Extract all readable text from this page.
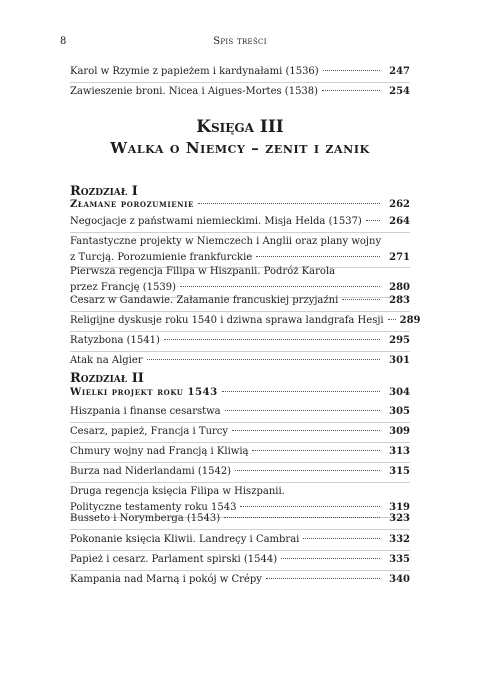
8	Spis treści
Karol w Rzymie z papieżem i kardynałami (1536)	247
Zawieszenie broni. Nicea i Aigues-Mortes (1538)	254
Księga III
Walka o Niemcy – zenit i zanik
Rozdział I
Złamane porozumienie	262
Negocjacje z państwami niemieckimi. Misja Helda (1537)	264
Fantastyczne projekty w Niemczech i Anglii oraz plany wojny
z Turcją. Porozumienie frankfurckie	271
Pierwsza regencja Filipa w Hiszpanii. Podróż Karola
przez Francję (1539)	280
Cesarz w Gandawie. Załamanie francuskiej przyjaźni	283
Religijne dyskusje roku 1540 i dziwna sprawa landgrafa Hesji 289
Ratyzbona (1541)	295
Atak na Algier	301
Rozdział II
Wielki projekt roku 1543	304
Hiszpania i finanse cesarstwa	305
Cesarz, papież, Francja i Turcy	309
Chmury wojny nad Francją i Kliwią	313
Burza nad Niderlandami (1542)	315
Druga regencja księcia Filipa w Hiszpanii.
Polityczne testamenty roku 1543	319
Busseto i Norymberga (1543)	323
Pokonanie księcia Kliwii. Landreçy i Cambrai	332
Papież i cesarz. Parlament spirski (1544)	335
Kampania nad Marną i pokój w Crépy	340
